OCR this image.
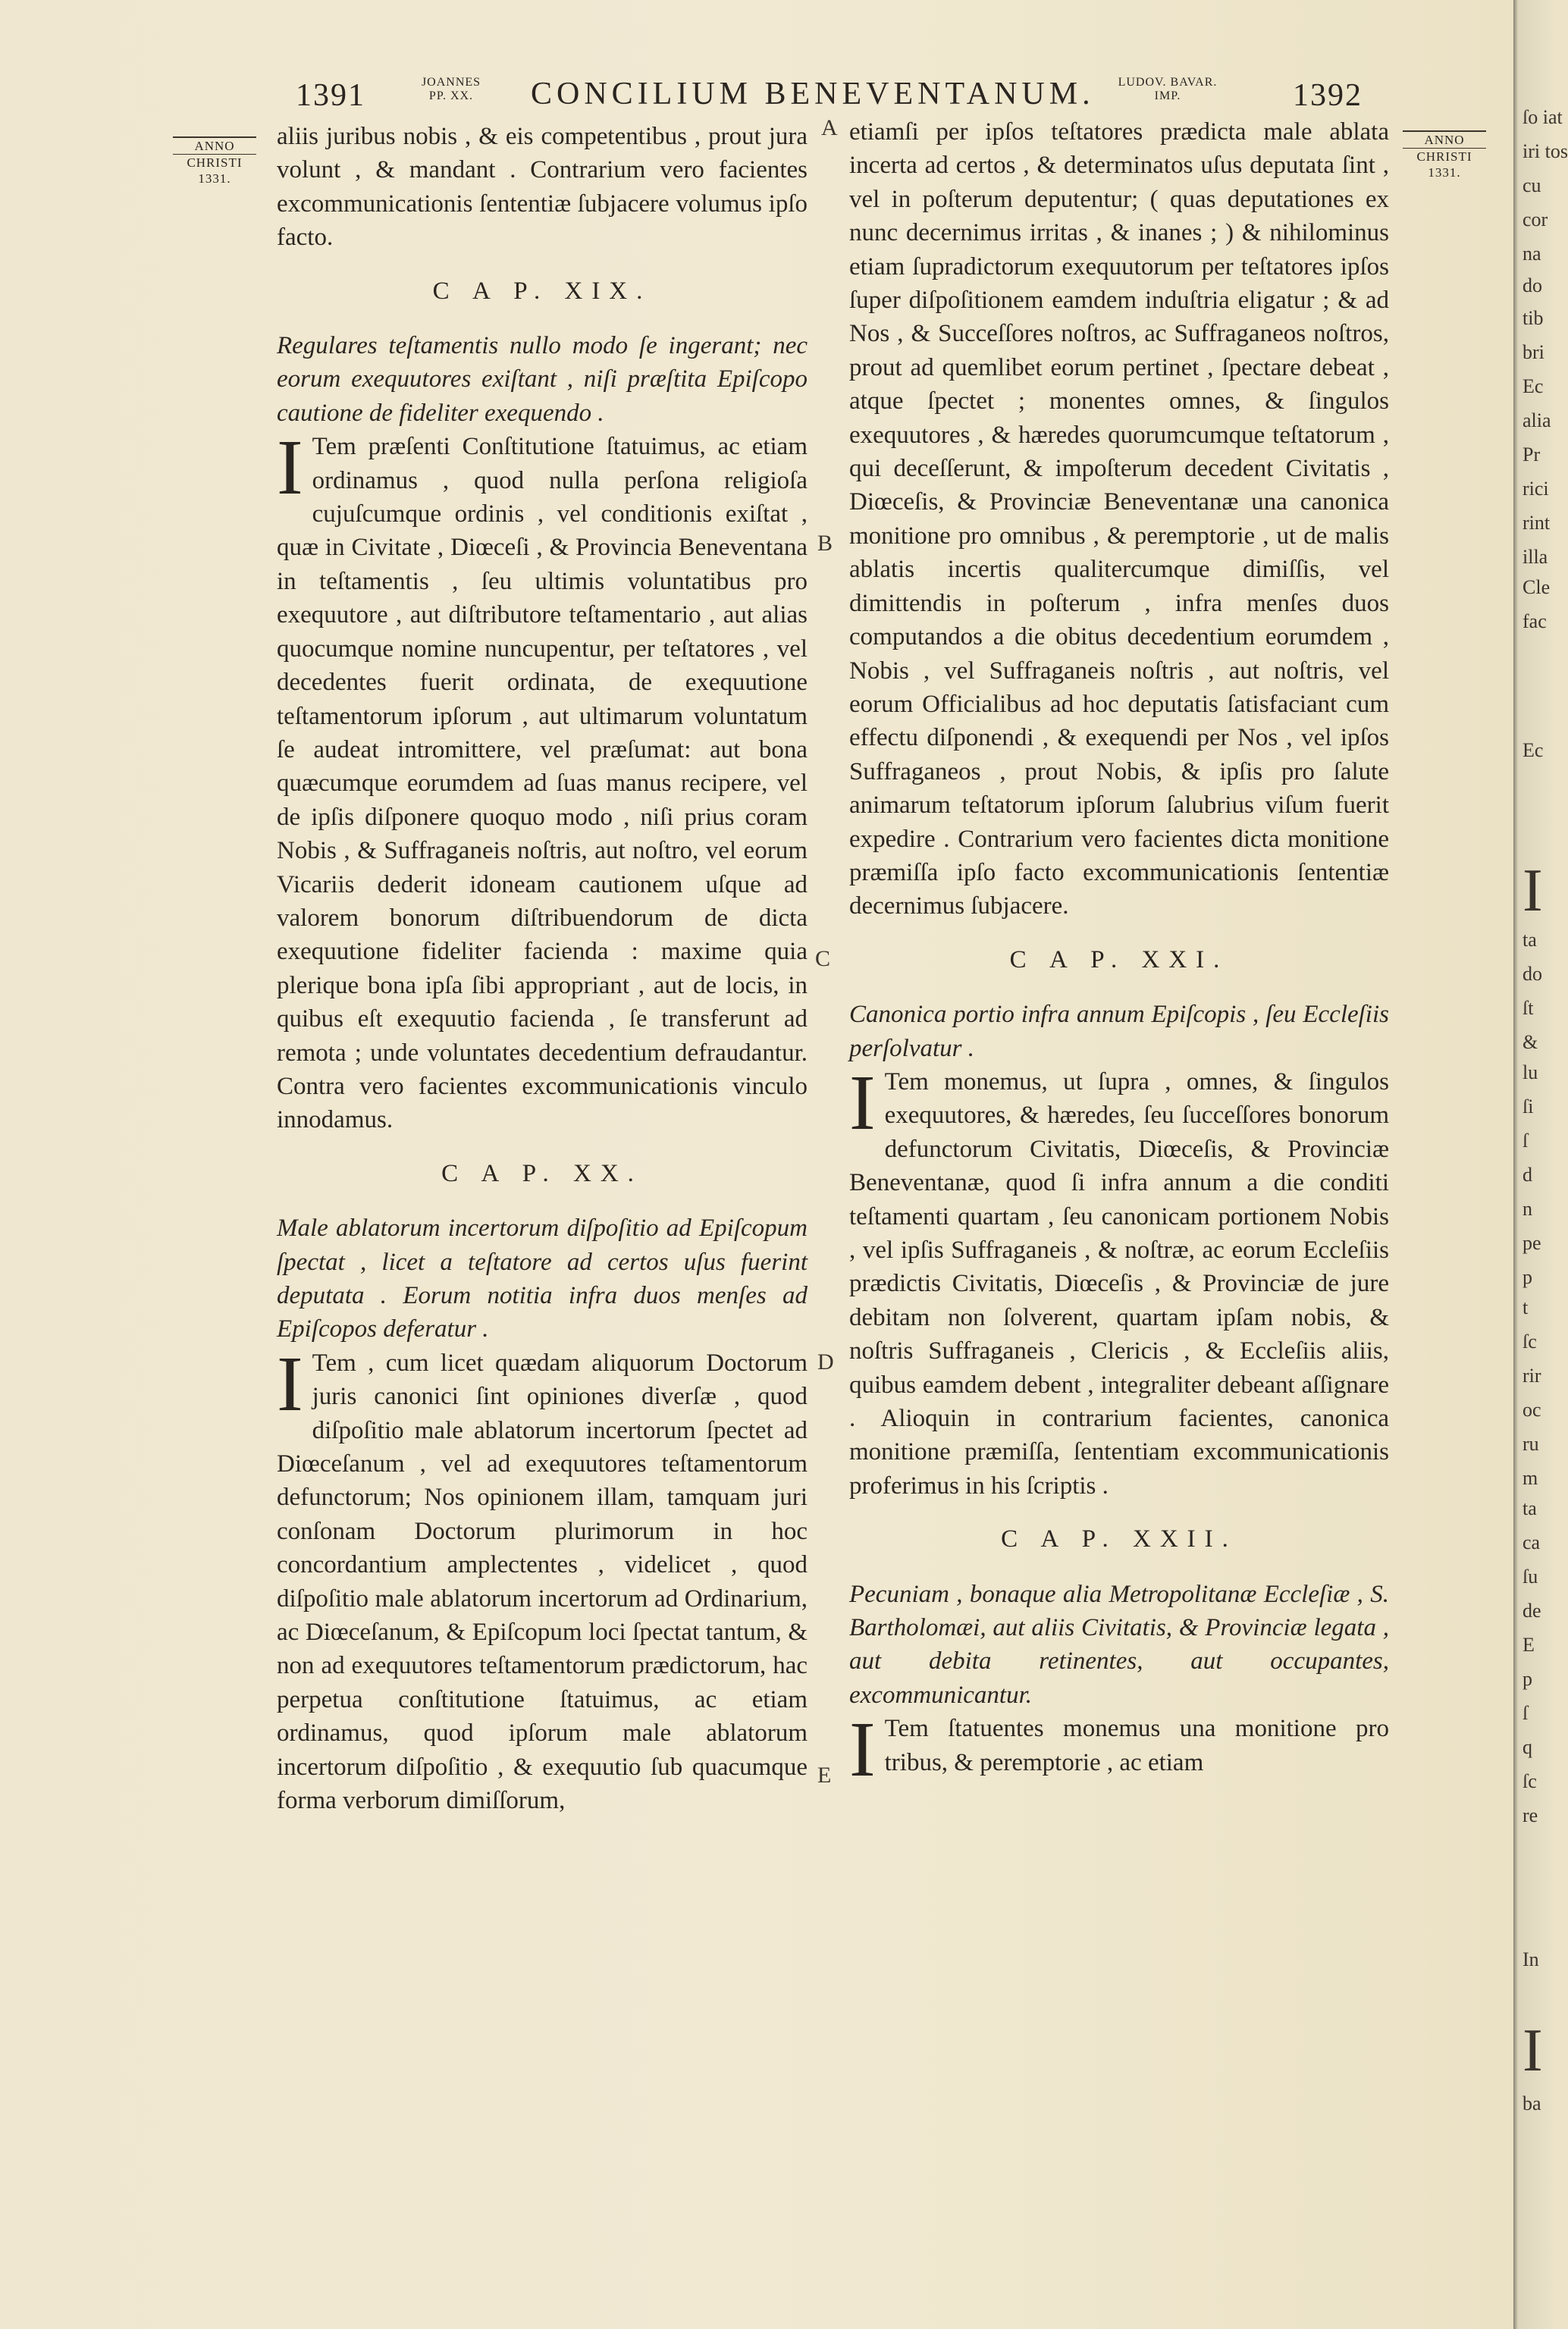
1391	JOANNES
PP. XX.	CONCILIUM BENEVENTANUM.	LUDOV. BAVAR.
IMP.	1392
ANNO
CHRISTI
1331.
ANNO
CHRISTI
1331.
A
B
C
D
E

aliis juribus nobis , & eis competentibus , prout jura volunt , & mandant . Contrarium vero facientes excommunicationis ſententiæ ſubjacere volumus ipſo facto.

C A P. XIX.

Regulares teſtamentis nullo modo ſe ingerant; nec eorum exequutores exiſtant , niſi præſtita Epiſcopo cautione de fideliter exequendo .

I Tem præſenti Conſtitutione ſtatuimus, ac etiam ordinamus , quod nulla perſona religioſa cujuſcumque ordinis , vel conditionis exiſtat , quæ in Civitate , Diœceſi , & Provincia Beneventana in teſtamentis , ſeu ultimis voluntatibus pro exequutore , aut diſtributore teſtamentario , aut alias quocumque nomine nuncupentur, per teſtatores , vel decedentes fuerit ordinata, de exequutione teſtamentorum ipſorum , aut ultimarum voluntatum ſe audeat intromittere, vel præſumat: aut bona quæcumque eorumdem ad ſuas manus recipere, vel de ipſis diſponere quoquo modo , niſi prius coram Nobis , & Suffraganeis noſtris, aut noſtro, vel eorum Vicariis dederit idoneam cautionem uſque ad valorem bonorum diſtribuendorum de dicta exequutione fideliter facienda : maxime quia plerique bona ipſa ſibi appropriant , aut de locis, in quibus eſt exequutio facienda , ſe transferunt ad remota ; unde voluntates decedentium defraudantur. Contra vero facientes excommunicationis vinculo innodamus.

C A P. XX.

Male ablatorum incertorum diſpoſitio ad Epiſcopum ſpectat , licet a teſtatore ad certos uſus fuerint deputata . Eorum notitia infra duos menſes ad Epiſcopos deferatur .

I Tem , cum licet quædam aliquorum Doctorum juris canonici ſint opiniones diverſæ , quod diſpoſitio male ablatorum incertorum ſpectet ad Diœceſanum , vel ad exequutores teſtamentorum defunctorum; Nos opinionem illam, tamquam juri conſonam Doctorum plurimorum in hoc concordantium amplectentes , videlicet , quod diſpoſitio male ablatorum incertorum ad Ordinarium, ac Diœceſanum, & Epiſcopum loci ſpectat tantum, & non ad exequutores teſtamentorum prædictorum, hac perpetua conſtitutione ſtatuimus, ac etiam ordinamus, quod ipſorum male ablatorum incertorum diſpoſitio , & exequutio ſub quacumque forma verborum dimiſſorum,

etiamſi per ipſos teſtatores prædicta male ablata incerta ad certos , & determinatos uſus deputata ſint , vel in poſterum deputentur; ( quas deputationes ex nunc decernimus irritas , & inanes ; ) & nihilominus etiam ſupradictorum exequutorum per teſtatores ipſos ſuper diſpoſitionem eamdem induſtria eligatur ; & ad Nos , & Succeſſores noſtros, ac Suffraganeos noſtros, prout ad quemlibet eorum pertinet , ſpectare debeat , atque ſpectet ; monentes omnes, & ſingulos exequutores , & hæredes quorumcumque teſtatorum , qui deceſſerunt, & impoſterum decedent Civitatis , Diœceſis, & Provinciæ Beneventanæ una canonica monitione pro omnibus , & peremptorie , ut de malis ablatis incertis qualitercumque dimiſſis, vel dimittendis in poſterum , infra menſes duos computandos a die obitus decedentium eorumdem , Nobis , vel Suffraganeis noſtris , aut noſtris, vel eorum Officialibus ad hoc deputatis ſatisfaciant cum effectu diſponendi , & exequendi per Nos , vel ipſos Suffraganeos , prout Nobis, & ipſis pro ſalute animarum teſtatorum ipſorum ſalubrius viſum fuerit expedire . Contrarium vero facientes dicta monitione præmiſſa ipſo facto excommunicationis ſententiæ decernimus ſubjacere.

C A P. XXI.

Canonica portio infra annum Epiſcopis , ſeu Eccleſiis perſolvatur .

I Tem monemus, ut ſupra , omnes, & ſingulos exequutores, & hæredes, ſeu ſucceſſores bonorum defunctorum Civitatis, Diœceſis, & Provinciæ Beneventanæ, quod ſi infra annum a die conditi teſtamenti quartam , ſeu canonicam portionem Nobis , vel ipſis Suffraganeis , & noſtræ, ac eorum Eccleſiis prædictis Civitatis, Diœceſis , & Provinciæ de jure debitam non ſolverent, quartam ipſam nobis, & noſtris Suffraganeis , Clericis , & Eccleſiis aliis, quibus eamdem debent , integraliter debeant aſſignare . Alioquin in contrarium facientes, canonica monitione præmiſſa, ſententiam excommunicationis proferimus in his ſcriptis .

C A P. XXII.

Pecuniam , bonaque alia Metropolitanæ Eccleſiæ , S. Bartholomæi, aut aliis Civitatis, & Provinciæ legata , aut debita retinentes, aut occupantes, excommunicantur.

I Tem ſtatuentes monemus una monitione pro tribus, & peremptorie , ac etiam

ſo iat
iri tos
cu
cor
na
do
tib
bri
Ec
alia
Pr
rici
rint
illa
Cle
fac
Ec
I
ta
do
ſt
&
lu
ſi
ſ
d
n
pe
p
t
ſc
rir
oc
ru
m
ta
ca
ſu
de
E
p
ſ
q
ſc
re
In
I
ba
